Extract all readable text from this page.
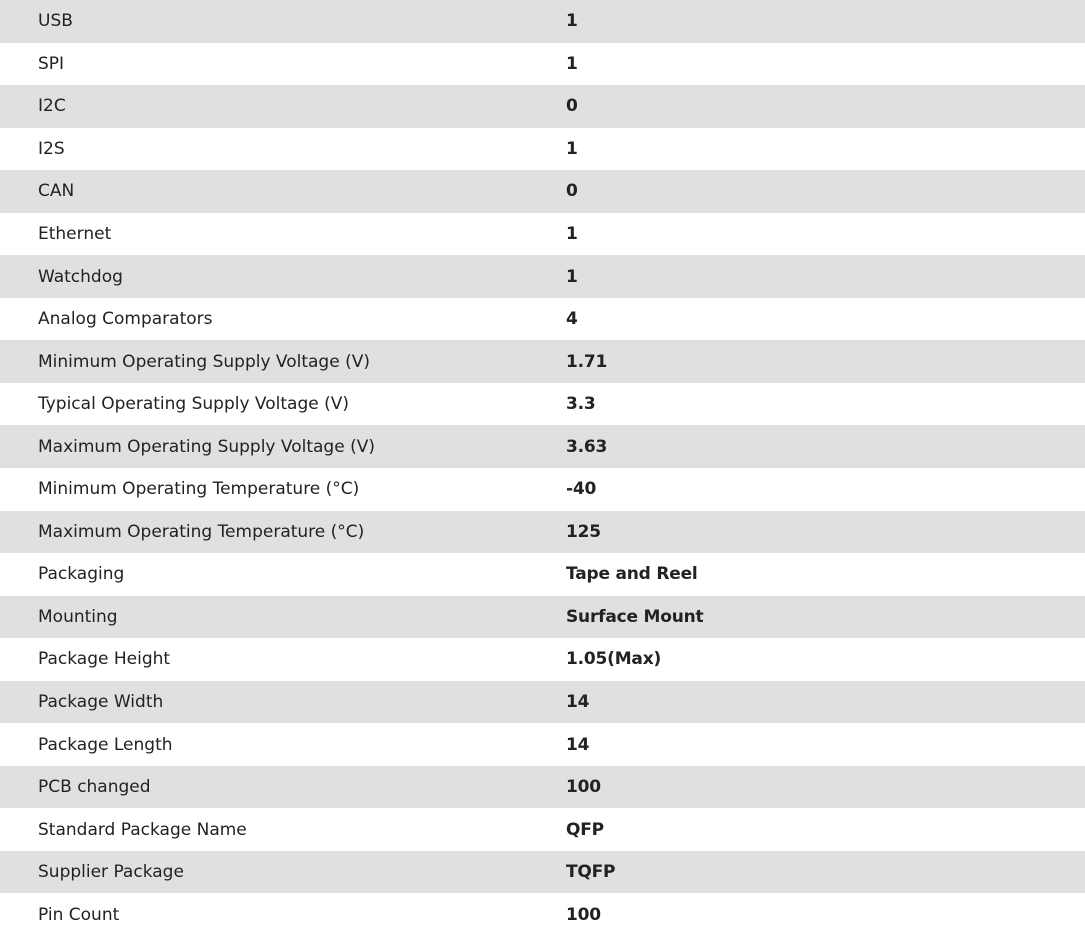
USB	1
SPI	1
I2C	0
I2S	1
CAN	0
Ethernet	1
Watchdog	1
Analog Comparators	4
Minimum Operating Supply Voltage (V)	1.71
Typical Operating Supply Voltage (V)	3.3
Maximum Operating Supply Voltage (V)	3.63
Minimum Operating Temperature (°C)	-40
Maximum Operating Temperature (°C)	125
Packaging	Tape and Reel
Mounting	Surface Mount
Package Height	1.05(Max)
Package Width	14
Package Length	14
PCB changed	100
Standard Package Name	QFP
Supplier Package	TQFP
Pin Count	100
